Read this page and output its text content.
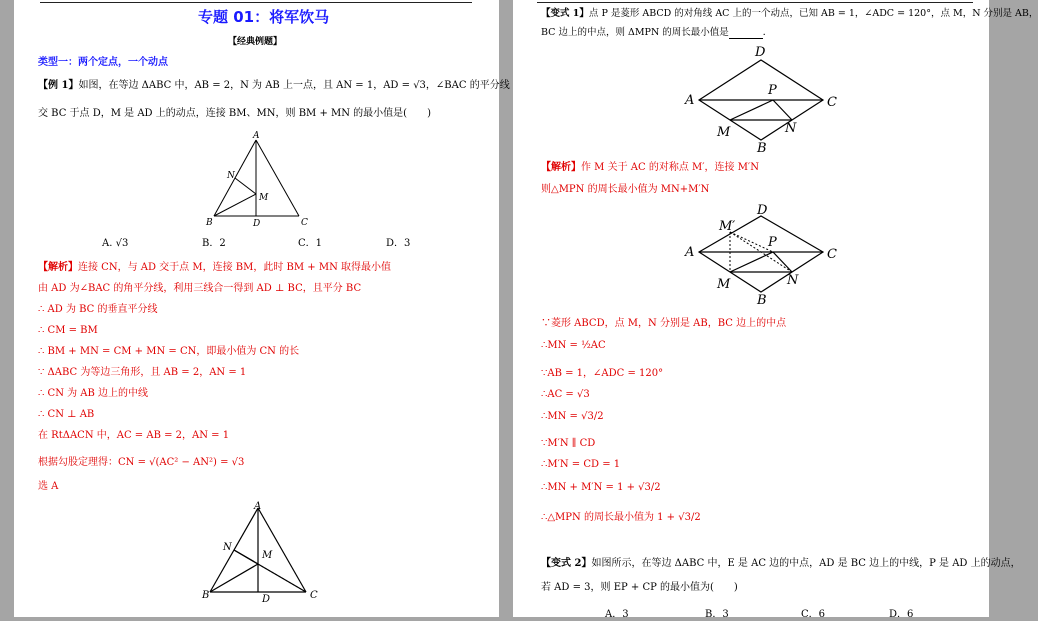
专题 01：将军饮马
【经典例题】
类型一：两个定点，一个动点
【例 1】如图，在等边 ΔABC 中，AB = 2，N 为 AB 上一点，且 AN = 1，AD = √3，∠BAC 的平分线
交 BC 于点 D，M 是 AD 上的动点，连接 BM、MN，则 BM + MN 的最小值是(　　)
A
B	C
D
M
N
A. √3	B．2	C．1	D．3
【解析】连接 CN，与 AD 交于点 M，连接 BM，此时 BM + MN 取得最小值
由 AD 为∠BAC 的角平分线，利用三线合一得到 AD ⊥ BC，且平分 BC
∴ AD 为 BC 的垂直平分线
∴ CM = BM
∴ BM + MN = CM + MN = CN，即最小值为 CN 的长
∵ ΔABC 为等边三角形，且 AB = 2，AN = 1
∴ CN 为 AB 边上的中线
∴ CN ⊥ AB
在 RtΔACN 中，AC = AB = 2，AN = 1
根据勾股定理得：CN = √(AC² − AN²) = √3
选 A
A
B	C
D
M
N
【变式 1】点 P 是菱形 ABCD 的对角线 AC 上的一个动点，已知 AB = 1，∠ADC = 120°，点 M，N 分别是 AB，
BC 边上的中点，则 ΔMPN 的周长最小值是	．
D
A	C
P
M	N
B
【解析】作 M 关于 AC 的对称点 M′，连接 M′N
则△MPN 的周长最小值为 MN+M′N
D
M′
A	C
P
M	N
B
∵菱形 ABCD，点 M，N 分别是 AB，BC 边上的中点
∴MN = ½AC
∵AB = 1，∠ADC = 120°
∴AC = √3
∴MN = √3/2
∵M′N ∥ CD
∴M′N = CD = 1
∴MN + M′N = 1 + √3/2
∴△MPN 的周长最小值为 1 + √3/2
【变式 2】如图所示，在等边 ΔABC 中，E 是 AC 边的中点，AD 是 BC 边上的中线，P 是 AD 上的动点，
若 AD = 3，则 EP + CP 的最小值为(　　)
A．3	B．3	C．6	D．6
